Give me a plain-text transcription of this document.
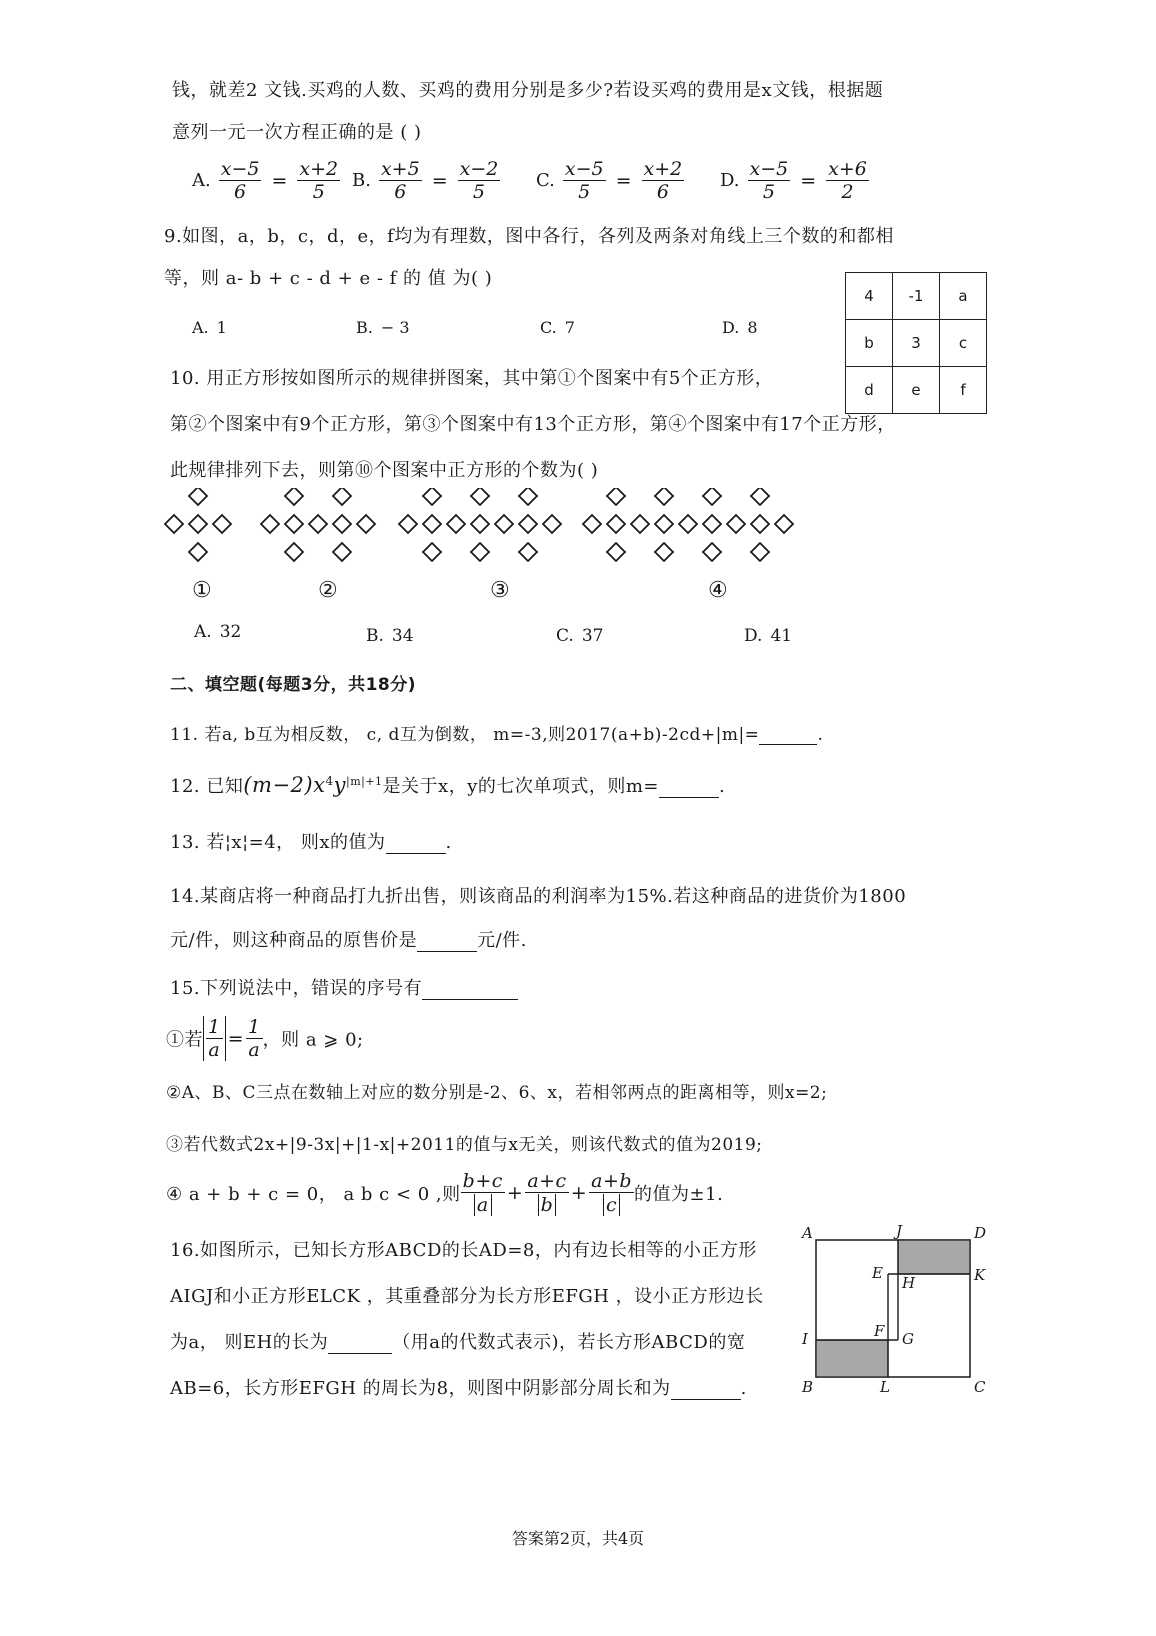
钱，就差2 文钱.买鸡的人数、买鸡的费用分别是多少?若设买鸡的费用是x文钱，根据题
意列一元一次方程正确的是 ( )
A. $\frac{x-5}{6} = \frac{x+2}{5} B$. $\frac{x+5}{6} = \frac{x-2}{5} C$. $\frac{x-5}{5} = \frac{x+2}{6} D$. $\frac{x-5}{5} = \frac{x+6}{2}$
9.如图，a，b，c，d，e，f均为有理数，图中各行，各列及两条对角线上三个数的和都相
等，则 a- b + c - d + e - f 的 值 为( )
A. 1	B. − 3	C. 7	D. 8
4	-1	a
b	3	c
d	e	f
10. 用正方形按如图所示的规律拼图案，其中第①个图案中有5个正方形，
第②个图案中有9个正方形，第③个图案中有13个正方形，第④个图案中有17个正方形，
此规律排列下去，则第⑩个图案中正方形的个数为( )
①	②	③	④
A. 32	B. 34	C. 37	D. 41
二、填空题(每题3分，共18分)
11. 若a, b互为相反数， c, d互为倒数， m=-3,则2017(a+b)-2cd+|m|=	.
12. 已知$(m-2)x^4y^{|m|+1}$是关于x，y的七次单项式，则m=	.
13. 若¦x¦=4， 则x的值为	.
14.某商店将一种商品打九折出售，则该商品的利润率为15%.若这种商品的进货价为1800
元/件，则这种商品的原售价是	元/件.
15.下列说法中，错误的序号有
①若 $\frac{1}{a} = \frac{1}{a}$ ，则 a ⩾ 0;
②A、B、C三点在数轴上对应的数分别是-2、6、x，若相邻两点的距离相等，则x=2;
③若代数式2x+|9-3x|+|1-x|+2011的值与x无关，则该代数式的值为2019;
④ a + b + c = 0， a b c < 0 ,则 $\frac{b+c}{a} + \frac{a+c}{b} + \frac{a+b}{c}$ 的值为±1.
16.如图所示，已知长方形ABCD的长AD=8，内有边长相等的小正方形
AIGJ和小正方形ELCK ，其重叠部分为长方形EFGH ，设小正方形边长
为a， 则EH的长为	（用a的代数式表示)，若长方形ABCD的宽
AB=6，长方形EFGH 的周长为8，则图中阴影部分周长和为	.
A	J	D
E
H	K
I	F G
B	L	C
答案第2页，共4页
